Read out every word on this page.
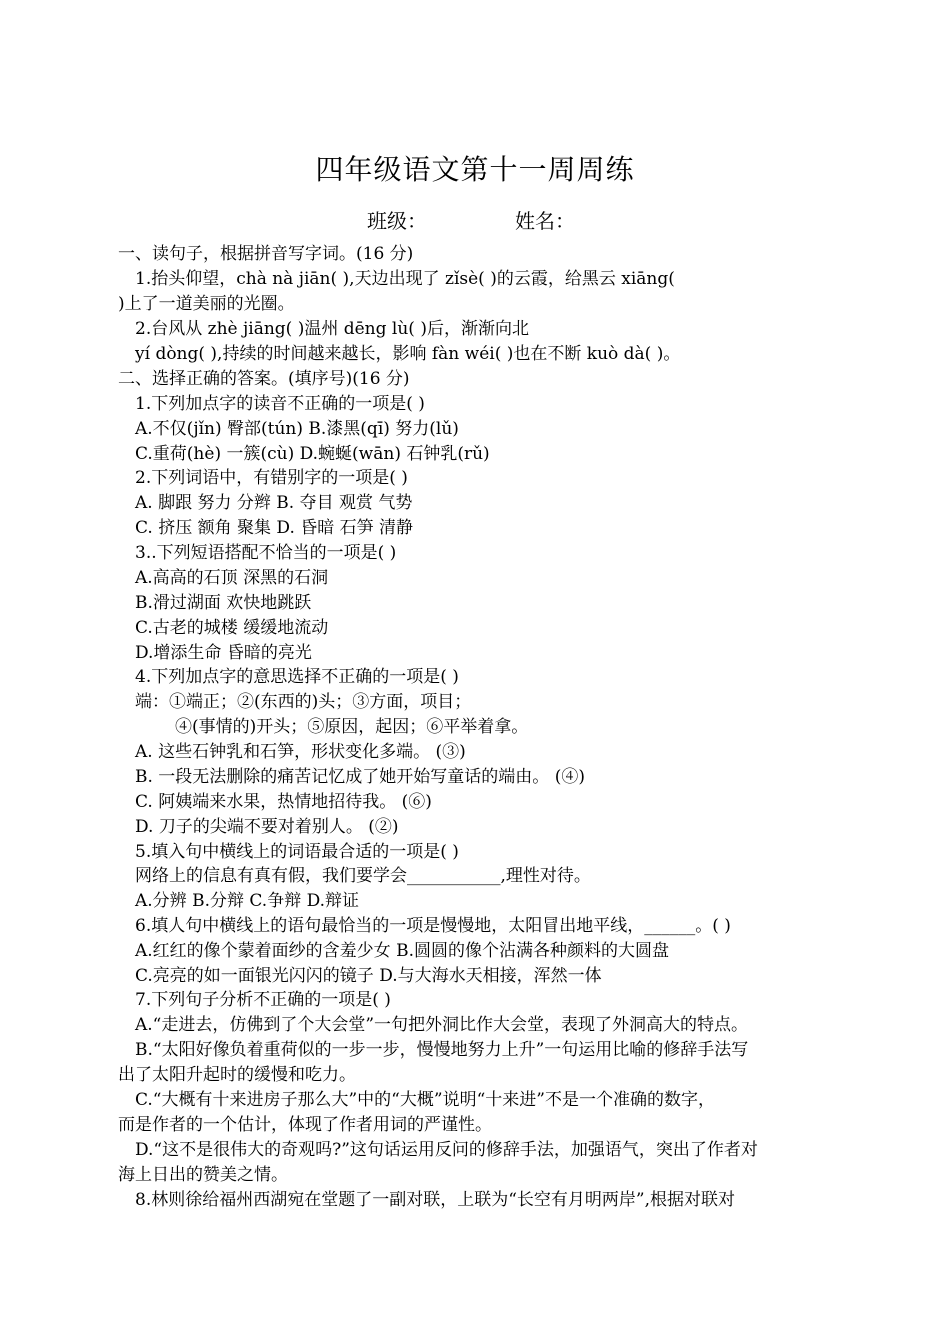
四年级语文第十一周周练
班级：	姓名：
一、读句子，根据拼音写字词。(16 分)
1.抬头仰望，chà nà jiān( ),天边出现了 zǐsè( )的云霞，给黑云 xiāng(
)上了一道美丽的光圈。
2.台风从 zhè jiāng( )温州 dēng lù( )后，渐渐向北
yí dòng( ),持续的时间越来越长，影响 fàn wéi( )也在不断 kuò dà( )。
二、选择正确的答案。(填序号)(16 分)
1.下列加点字的读音不正确的一项是( )
A.不仅(jǐn) 臀部(tún) B.漆黑(qī) 努力(lǔ)
C.重荷(hè) 一簇(cù) D.蜿蜒(wān) 石钟乳(rǔ)
2.下列词语中，有错别字的一项是( )
A. 脚跟 努力 分辫 B. 夺目 观赏 气势
C. 挤压 额角 聚集 D. 昏暗 石笋 清静
3..下列短语搭配不恰当的一项是( )
A.高高的石顶 深黑的石洞
B.滑过湖面 欢快地跳跃
C.古老的城楼 缓缓地流动
D.增添生命 昏暗的亮光
4.下列加点字的意思选择不正确的一项是( )
端：①端正；②(东西的)头；③方面，项目；
④(事情的)开头；⑤原因，起因；⑥平举着拿。
A. 这些石钟乳和石笋，形状变化多端。 (③)
B. 一段无法删除的痛苦记忆成了她开始写童话的端由。 (④)
C. 阿姨端来水果，热情地招待我。 (⑥)
D. 刀子的尖端不要对着别人。 (②)
5.填入句中横线上的词语最合适的一项是( )
网络上的信息有真有假，我们要学会___________,理性对待。
A.分辨 B.分辩 C.争辩 D.辩证
6.填人句中横线上的语句最恰当的一项是慢慢地，太阳冒出地平线，______。( )
A.红红的像个蒙着面纱的含羞少女 B.圆圆的像个沾满各种颜料的大圆盘
C.亮亮的如一面银光闪闪的镜子 D.与大海水天相接，浑然一体
7.下列句子分析不正确的一项是( )
A.“走进去，仿佛到了个大会堂”一句把外洞比作大会堂，表现了外洞高大的特点。
B.“太阳好像负着重荷似的一步一步，慢慢地努力上升”一句运用比喻的修辞手法写
出了太阳升起时的缓慢和吃力。
C.“大概有十来进房子那么大”中的“大概”说明“十来进”不是一个准确的数字，
而是作者的一个估计，体现了作者用词的严谨性。
D.“这不是很伟大的奇观吗?”这句话运用反问的修辞手法，加强语气，突出了作者对
海上日出的赞美之情。
8.林则徐给福州西湖宛在堂题了一副对联，上联为“长空有月明两岸”,根据对联对
